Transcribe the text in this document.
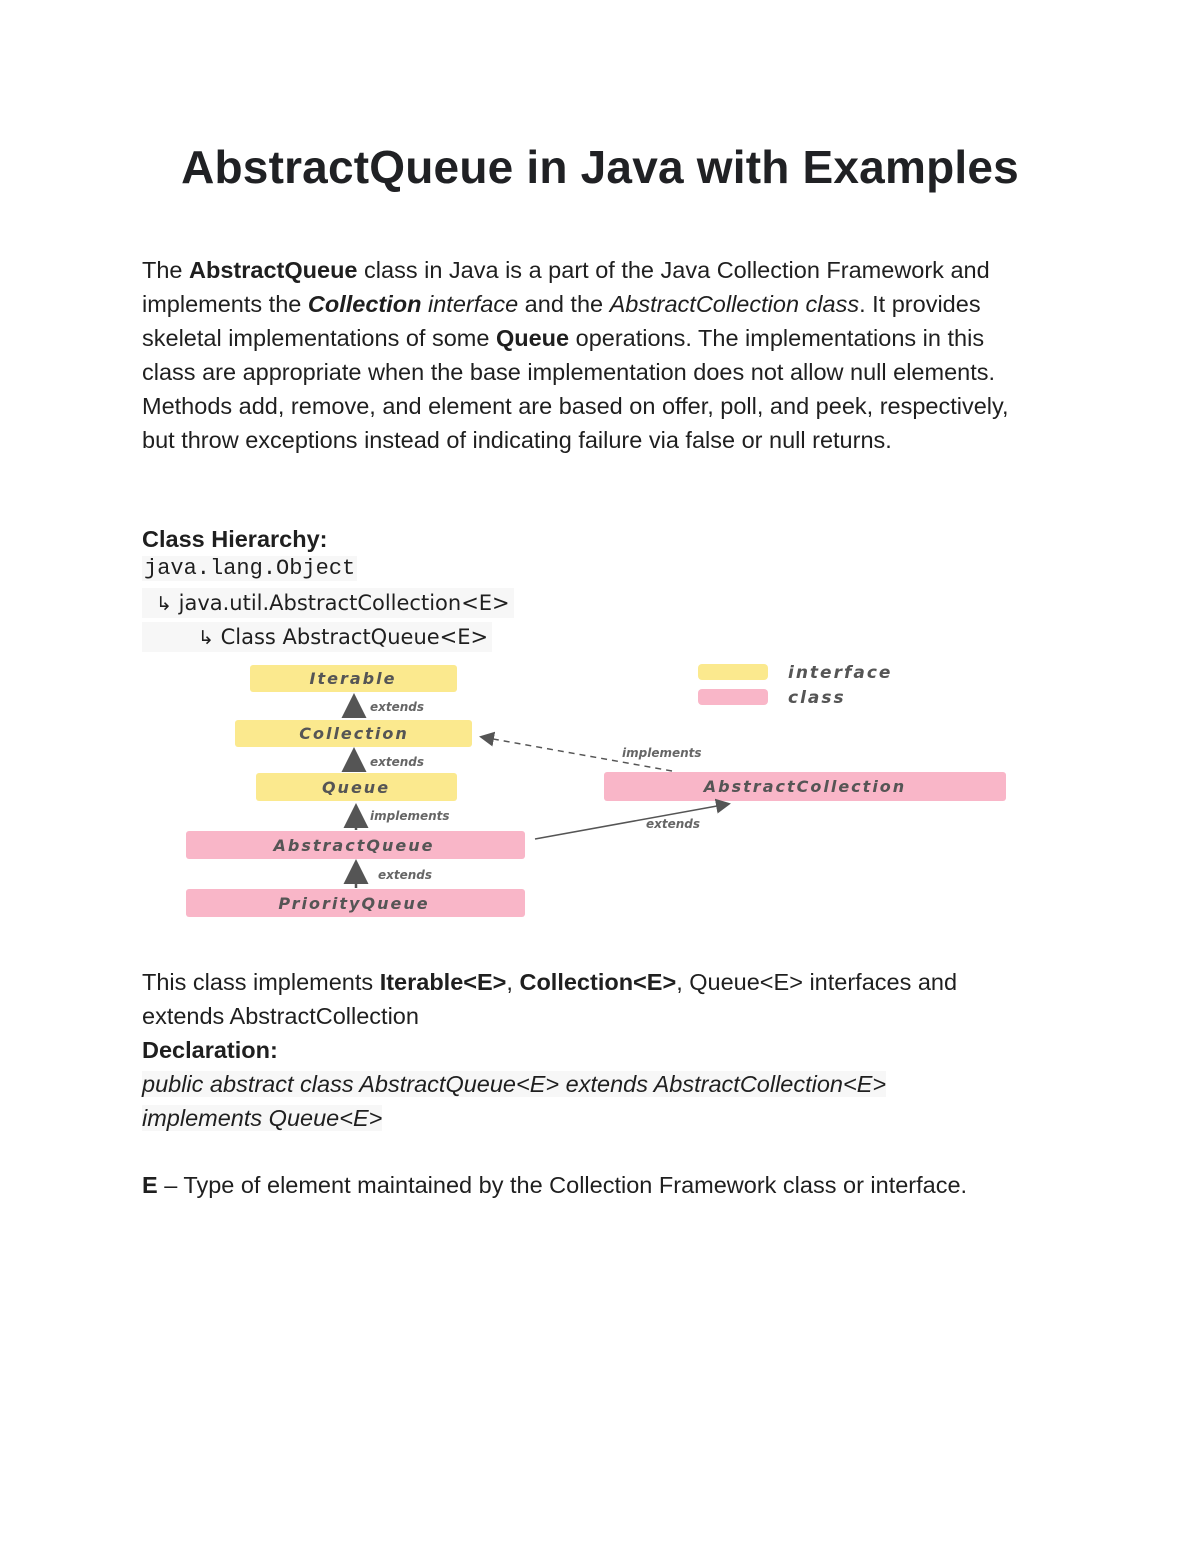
AbstractQueue in Java with Examples
The AbstractQueue class in Java is a part of the Java Collection Framework and implements the Collection interface and the AbstractCollection class. It provides skeletal implementations of some Queue operations. The implementations in this class are appropriate when the base implementation does not allow null elements. Methods add, remove, and element are based on offer, poll, and peek, respectively, but throw exceptions instead of indicating failure via false or null returns.
Class Hierarchy:
java.lang.Object
↳ java.util.AbstractCollection<E>
↳ Class AbstractQueue<E>
interface
class
Iterable
Collection
Queue
AbstractQueue
PriorityQueue
AbstractCollection
extends
extends
implements
extends
implements
extends
This class implements Iterable<E>, Collection<E>, Queue<E> interfaces and extends AbstractCollection
Declaration:
public abstract class AbstractQueue<E> extends AbstractCollection<E>
implements Queue<E>
E – Type of element maintained by the Collection Framework class or interface.
